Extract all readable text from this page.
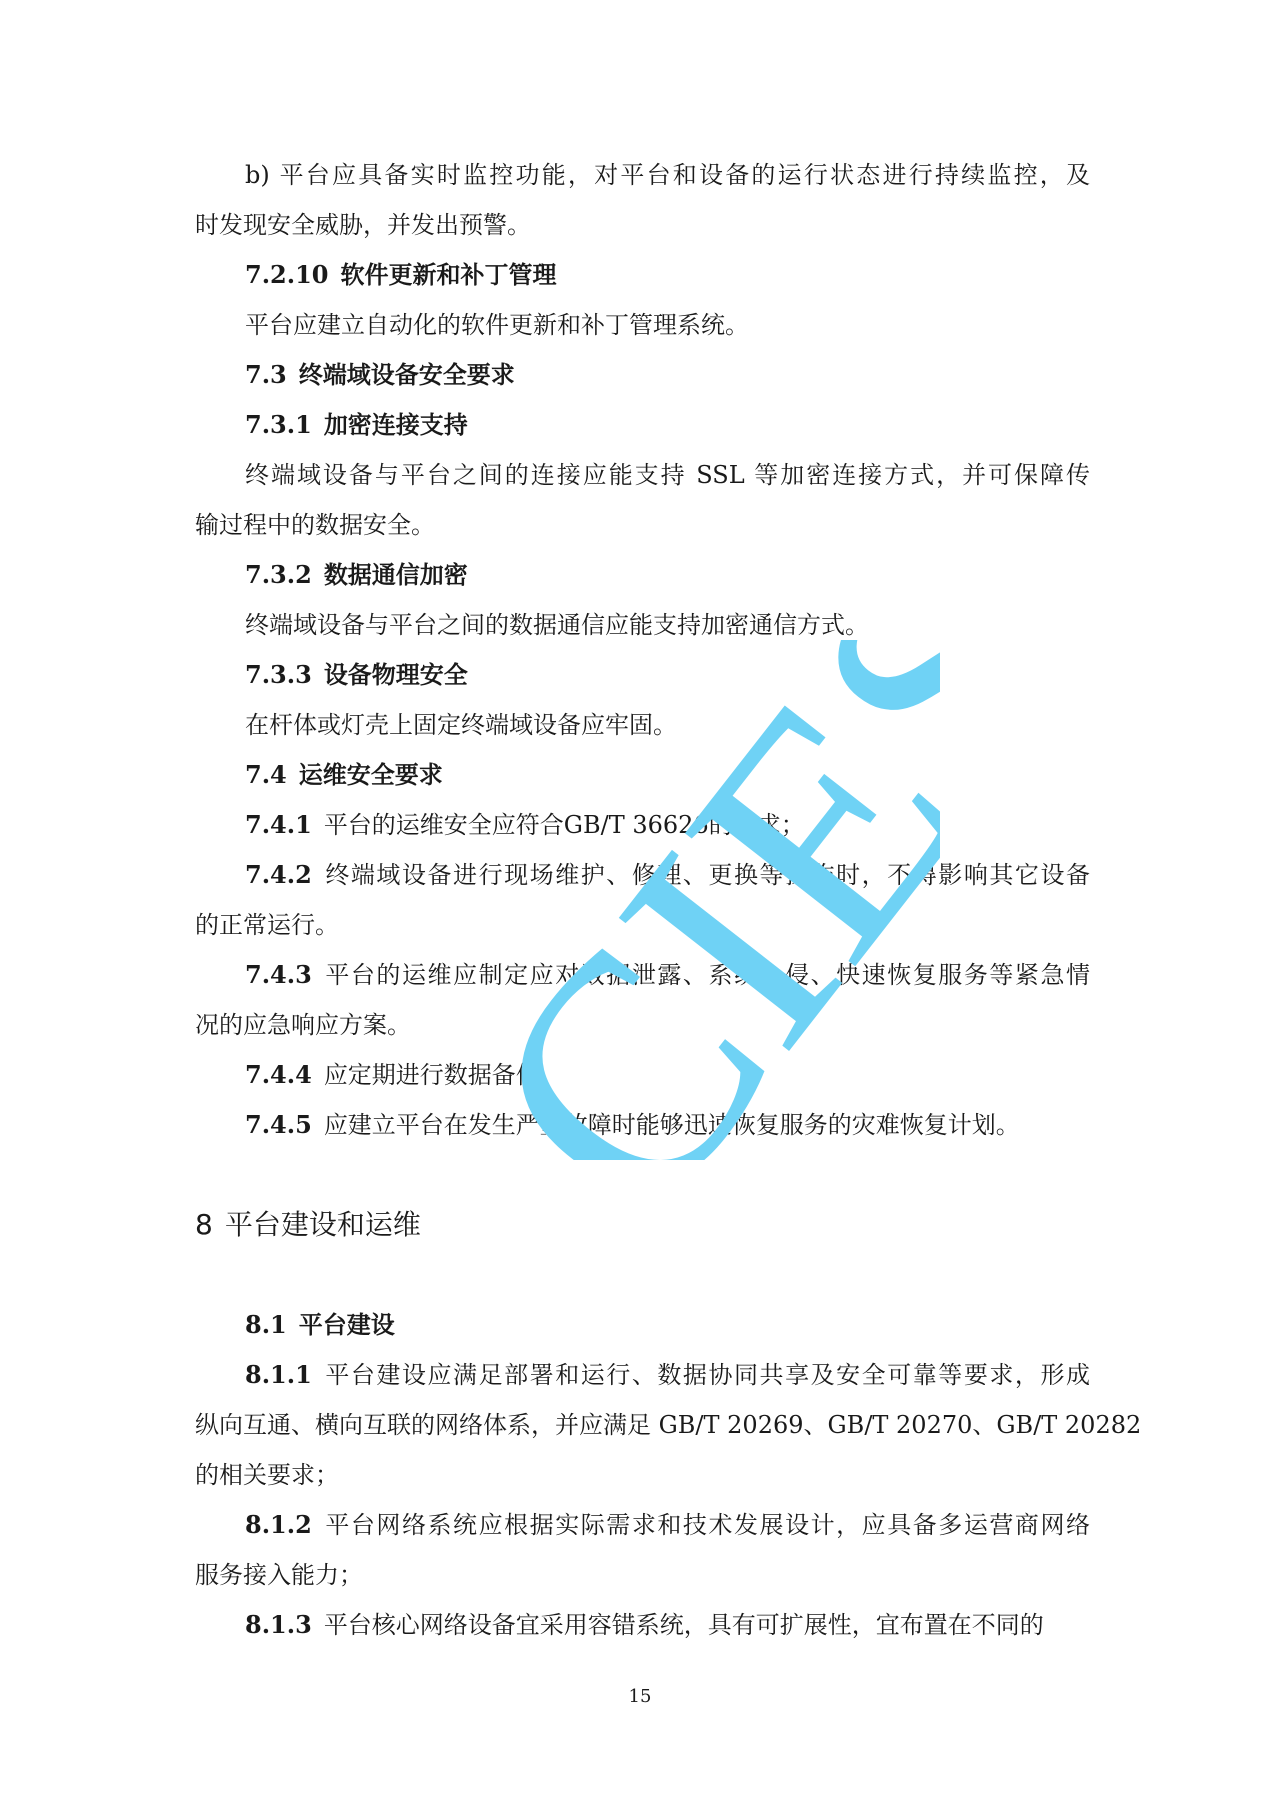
b) 平台应具备实时监控功能，对平台和设备的运行状态进行持续监控，及
时发现安全威胁，并发出预警。
7.2.10 软件更新和补丁管理
平台应建立自动化的软件更新和补丁管理系统。
7.3 终端域设备安全要求
7.3.1 加密连接支持
终端域设备与平台之间的连接应能支持 SSL 等加密连接方式，并可保障传
输过程中的数据安全。
7.3.2 数据通信加密
终端域设备与平台之间的数据通信应能支持加密通信方式。
7.3.3 设备物理安全
在杆体或灯壳上固定终端域设备应牢固。
7.4 运维安全要求
7.4.1 平台的运维安全应符合GB/T 36626的要求；
7.4.2 终端域设备进行现场维护、修理、更换等操作时，不得影响其它设备
的正常运行。
7.4.3 平台的运维应制定应对数据泄露、系统入侵、快速恢复服务等紧急情
况的应急响应方案。
7.4.4 应定期进行数据备份。
7.4.5 应建立平台在发生严重故障时能够迅速恢复服务的灾难恢复计划。
8 平台建设和运维
8.1 平台建设
8.1.1 平台建设应满足部署和运行、数据协同共享及安全可靠等要求，形成
纵向互通、横向互联的网络体系，并应满足 GB/T 20269、GB/T 20270、GB/T 20282
的相关要求；
8.1.2 平台网络系统应根据实际需求和技术发展设计，应具备多运营商网络
服务接入能力；
8.1.3 平台核心网络设备宜采用容错系统，具有可扩展性，宜布置在不同的
CIES
15
